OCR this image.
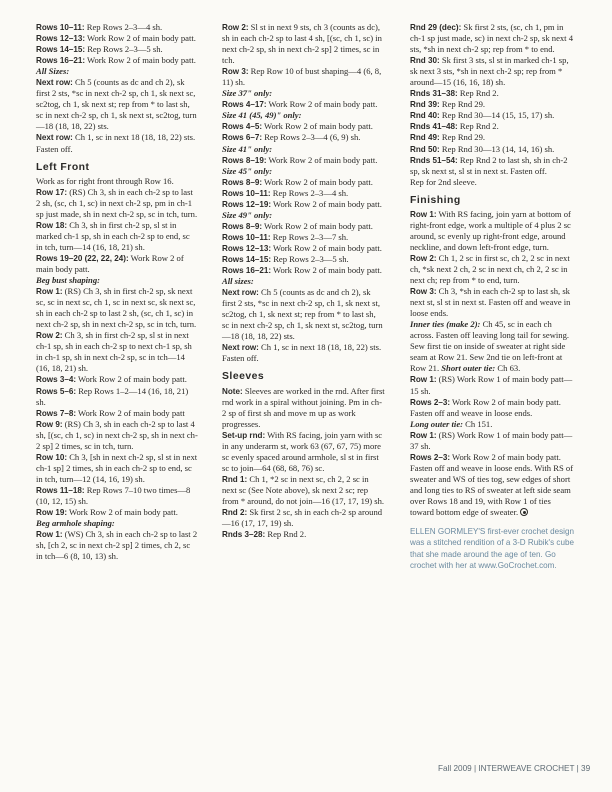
Rows 10–11: Rep Rows 2–3—4 sh.

Rows 12–13: Work Row 2 of main body patt.

Rows 14–15: Rep Rows 2–3—5 sh.

Rows 16–21: Work Row 2 of main body patt.

All Sizes:

Next row: Ch 5 (counts as dc and ch 2), sk first 2 sts, *sc in next ch-2 sp, ch 1, sk next sc, sc2tog, ch 1, sk next st; rep from * to last sh, sc in next ch-2 sp, ch 1, sk next st, sc2tog, turn—18 (18, 18, 22) sts.

Next row: Ch 1, sc in next 18 (18, 18, 22) sts. Fasten off.

Left Front

Work as for right front through Row 16.

Row 17: (RS) Ch 3, sh in each ch-2 sp to last 2 sh, (sc, ch 1, sc) in next ch-2 sp, pm in ch-1 sp just made, sh in next ch-2 sp, sc in tch, turn.

Row 18: Ch 3, sh in first ch-2 sp, sl st in marked ch-1 sp, sh in each ch-2 sp to end, sc in tch, turn—14 (16, 18, 21) sh.

Rows 19–20 (22, 22, 24): Work Row 2 of main body patt.

Beg bust shaping:

Row 1: (RS) Ch 3, sh in first ch-2 sp, sk next sc, sc in next sc, ch 1, sc in next sc, sk next sc, sh in each ch-2 sp to last 2 sh, (sc, ch 1, sc) in next ch-2 sp, sh in next ch-2 sp, sc in tch, turn.

Row 2: Ch 3, sh in first ch-2 sp, sl st in next ch-1 sp, sh in each ch-2 sp to next ch-1 sp, sh in ch-1 sp, sh in next ch-2 sp, sc in tch—14 (16, 18, 21) sh.

Rows 3–4: Work Row 2 of main body patt.

Rows 5–6: Rep Rows 1–2—14 (16, 18, 21) sh.

Rows 7–8: Work Row 2 of main body patt

Row 9: (RS) Ch 3, sh in each ch-2 sp to last 4 sh, [(sc, ch 1, sc) in next ch-2 sp, sh in next ch-2 sp] 2 times, sc in tch, turn.

Row 10: Ch 3, [sh in next ch-2 sp, sl st in next ch-1 sp] 2 times, sh in each ch-2 sp to end, sc in tch, turn—12 (14, 16, 19) sh.

Rows 11–18: Rep Rows 7–10 two times—8 (10, 12, 15) sh.

Row 19: Work Row 2 of main body patt.

Beg armhole shaping:

Row 1: (WS) Ch 3, sh in each ch-2 sp to last 2 sh, [ch 2, sc in next ch-2 sp] 2 times, ch 2, sc in tch—6 (8, 10, 13) sh.

Row 2: Sl st in next 9 sts, ch 3 (counts as dc), sh in each ch-2 sp to last 4 sh, [(sc, ch 1, sc) in next ch-2 sp, sh in next ch-2 sp] 2 times, sc in tch.

Row 3: Rep Row 10 of bust shaping—4 (6, 8, 11) sh.

Size 37" only:

Rows 4–17: Work Row 2 of main body patt.

Size 41 (45, 49)" only:

Rows 4–5: Work Row 2 of main body patt.

Rows 6–7: Rep Rows 2–3—4 (6, 9) sh.

Size 41" only:

Rows 8–19: Work Row 2 of main body patt.

Size 45" only:

Rows 8–9: Work Row 2 of main body patt.

Rows 10–11: Rep Rows 2–3—4 sh.

Rows 12–19: Work Row 2 of main body patt.

Size 49" only:

Rows 8–9: Work Row 2 of main body patt.

Rows 10–11: Rep Rows 2–3—7 sh.

Rows 12–13: Work Row 2 of main body patt.

Rows 14–15: Rep Rows 2–3—5 sh.

Rows 16–21: Work Row 2 of main body patt.

All sizes:

Next row: Ch 5 (counts as dc and ch 2), sk first 2 sts, *sc in next ch-2 sp, ch 1, sk next st, sc2tog, ch 1, sk next st; rep from * to last sh, sc in next ch-2 sp, ch 1, sk next st, sc2tog, turn—18 (18, 18, 22) sts.

Next row: Ch 1, sc in next 18 (18, 18, 22) sts. Fasten off.

Sleeves

Note: Sleeves are worked in the rnd. After first rnd work in a spiral without joining. Pm in ch-2 sp of first sh and move m up as work progresses.

Set-up rnd: With RS facing, join yarn with sc in any underarm st, work 63 (67, 67, 75) more sc evenly spaced around armhole, sl st in first sc to join—64 (68, 68, 76) sc.

Rnd 1: Ch 1, *2 sc in next sc, ch 2, 2 sc in next sc (See Note above), sk next 2 sc; rep from * around, do not join—16 (17, 17, 19) sh.

Rnd 2: Sk first 2 sc, sh in each ch-2 sp around—16 (17, 17, 19) sh.

Rnds 3–28: Rep Rnd 2.

Rnd 29 (dec): Sk first 2 sts, (sc, ch 1, pm in ch-1 sp just made, sc) in next ch-2 sp, sk next 4 sts, *sh in next ch-2 sp; rep from * to end.

Rnd 30: Sk first 3 sts, sl st in marked ch-1 sp, sk next 3 sts, *sh in next ch-2 sp; rep from * around—15 (16, 16, 18) sh.

Rnds 31–38: Rep Rnd 2.

Rnd 39: Rep Rnd 29.

Rnd 40: Rep Rnd 30—14 (15, 15, 17) sh.

Rnds 41–48: Rep Rnd 2.

Rnd 49: Rep Rnd 29.

Rnd 50: Rep Rnd 30—13 (14, 14, 16) sh.

Rnds 51–54: Rep Rnd 2 to last sh, sh in ch-2 sp, sk next st, sl st in next st. Fasten off.

Rep for 2nd sleeve.

Finishing

Row 1: With RS facing, join yarn at bottom of right-front edge, work a multiple of 4 plus 2 sc around, sc evenly up right-front edge, around neckline, and down left-front edge, turn.

Row 2: Ch 1, 2 sc in first sc, ch 2, 2 sc in next ch, *sk next 2 ch, 2 sc in next ch, ch 2, 2 sc in next ch; rep from * to end, turn.

Row 3: Ch 3, *sh in each ch-2 sp to last sh, sk next st, sl st in next st. Fasten off and weave in loose ends.

Inner ties (make 2): Ch 45, sc in each ch across. Fasten off leaving long tail for sewing. Sew first tie on inside of sweater at right side seam at Row 21. Sew 2nd tie on left-front at Row 21. Short outer tie: Ch 63.

Row 1: (RS) Work Row 1 of main body patt—15 sh.

Rows 2–3: Work Row 2 of main body patt. Fasten off and weave in loose ends.

Long outer tie: Ch 151.

Row 1: (RS) Work Row 1 of main body patt—37 sh.

Rows 2–3: Work Row 2 of main body patt. Fasten off and weave in loose ends. With RS of sweater and WS of ties tog, sew edges of short and long ties to RS of sweater at left side seam over Rows 18 and 19, with Row 1 of ties toward bottom edge of sweater.

ELLEN GORMLEY'S first-ever crochet design was a stitched rendition of a 3-D Rubik's cube that she made around the age of ten. Go crochet with her at www.GoCrochet.com.

Fall 2009 | INTERWEAVE CROCHET | 39
